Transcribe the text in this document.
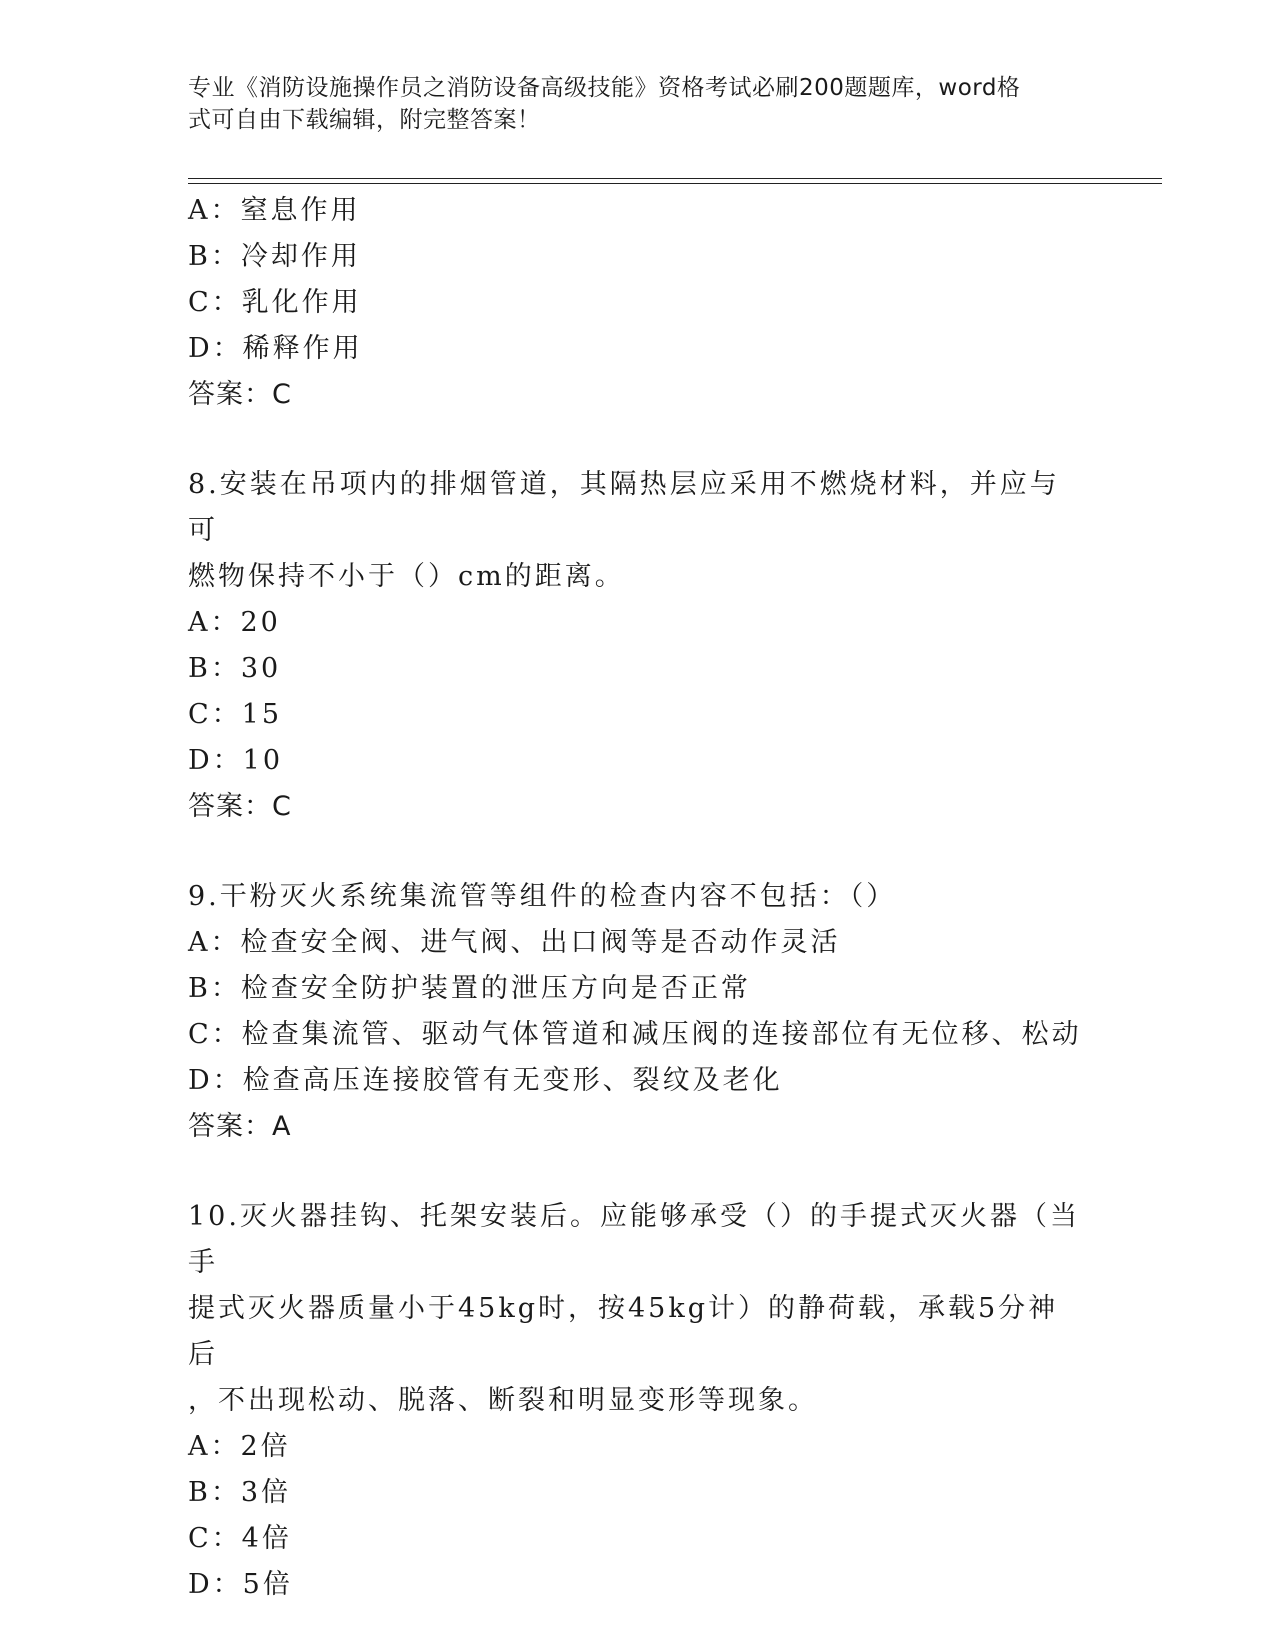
专业《消防设施操作员之消防设备高级技能》资格考试必刷200题题库，word格
式可自由下载编辑，附完整答案！
A：窒息作用
B：冷却作用
C：乳化作用
D：稀释作用
答案：C
8.安装在吊项内的排烟管道，其隔热层应采用不燃烧材料，并应与可
燃物保持不小于（）cm的距离。
A：20
B：30
C：15
D：10
答案：C
9.干粉灭火系统集流管等组件的检查内容不包括：（）
A：检查安全阀、进气阀、出口阀等是否动作灵活
B：检查安全防护装置的泄压方向是否正常
C：检查集流管、驱动气体管道和减压阀的连接部位有无位移、松动
D：检查高压连接胶管有无变形、裂纹及老化
答案：A
10.灭火器挂钩、托架安装后。应能够承受（）的手提式灭火器（当手
提式灭火器质量小于45kg时，按45kg计）的静荷载，承载5分神后
，不出现松动、脱落、断裂和明显变形等现象。
A：2倍
B：3倍
C：4倍
D：5倍
